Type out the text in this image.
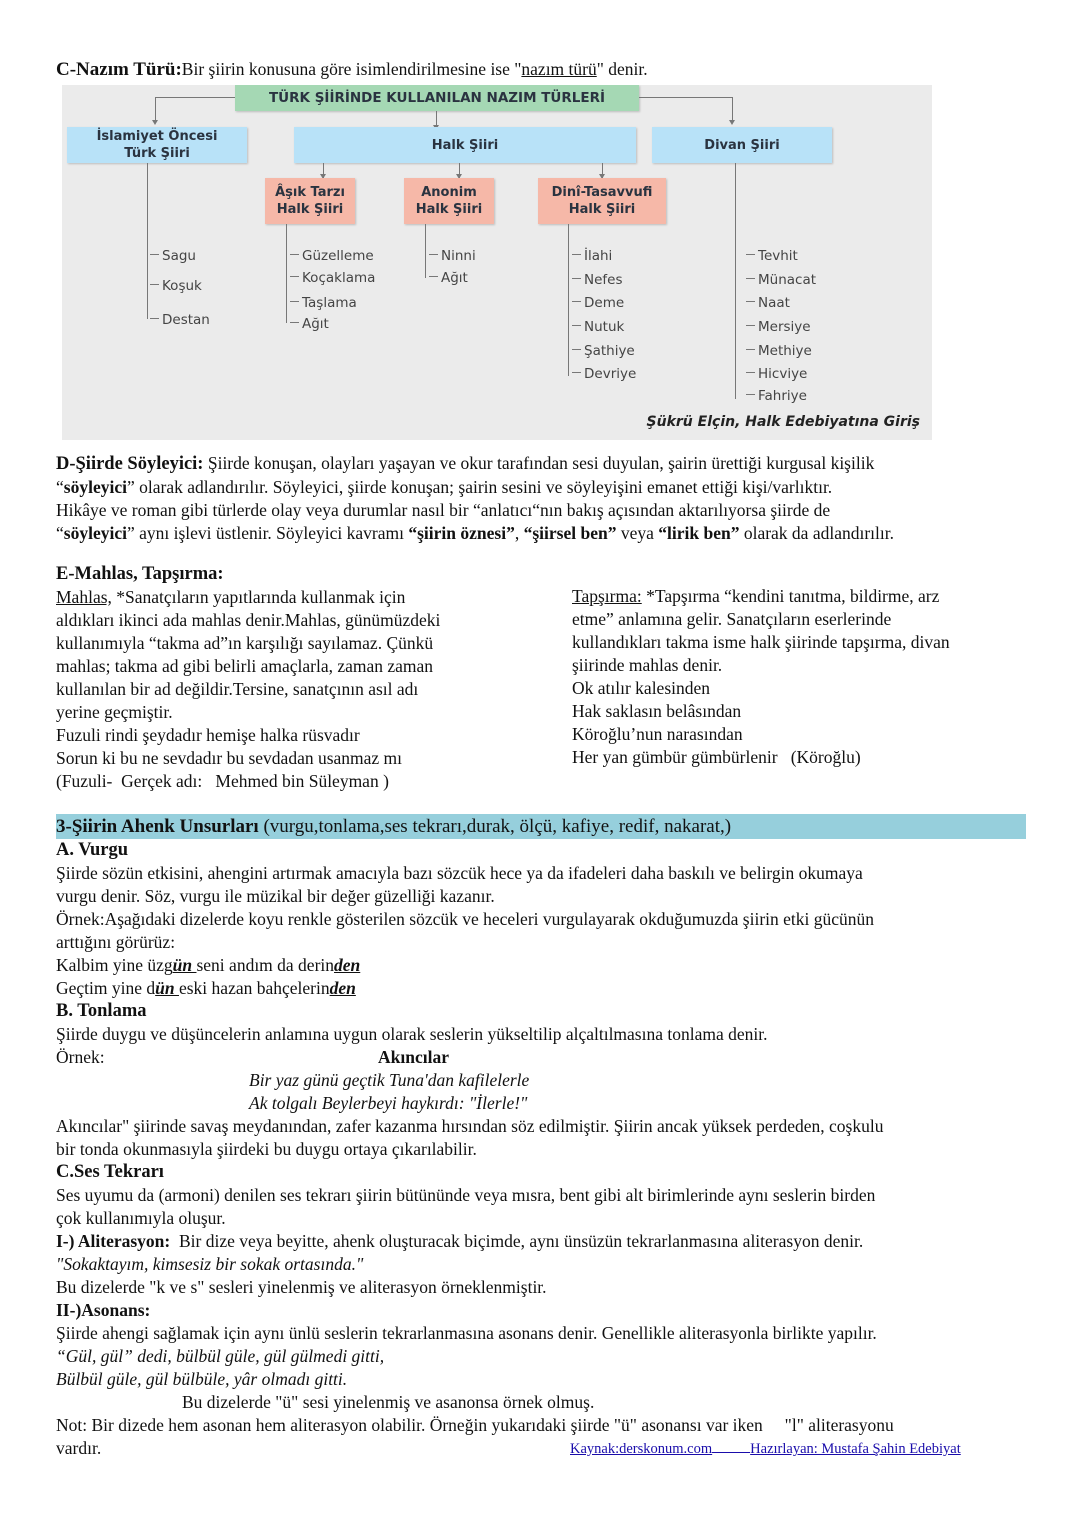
C-Nazım Türü:Bir şiirin konusuna göre isimlendirilmesine ise "nazım türü" denir.
TÜRK ŞİİRİNDE KULLANILAN NAZIM TÜRLERİ
İslamiyet Öncesi
Türk Şiiri
Halk Şiiri	Divan Şiiri
Âşık Tarzı
Halk Şiiri
Anonim
Halk Şiiri
Dinî-Tasavvufi
Halk Şiiri
Sagu
Koşuk
Destan
Güzelleme
Koçaklama
Taşlama
Ağıt
Ninni
Ağıt
İlahi
Nefes
Deme
Nutuk
Şathiye
Devriye
Tevhit
Münacat
Naat
Mersiye
Methiye
Hicviye
Fahriye
Şükrü Elçin, Halk Edebiyatına Giriş
D-Şiirde Söyleyici: Şiirde konuşan, olayları yaşayan ve okur tarafından sesi duyulan, şairin ürettiği kurgusal kişilik
“söyleyici” olarak adlandırılır. Söyleyici, şiirde konuşan; şairin sesini ve söyleyişini emanet ettiği kişi/varlıktır.
Hikâye ve roman gibi türlerde olay veya durumlar nasıl bir “anlatıcı“nın bakış açısından aktarılıyorsa şiirde de
“söyleyici” aynı işlevi üstlenir. Söyleyici kavramı “şiirin öznesi”, “şiirsel ben” veya “lirik ben” olarak da adlandırılır.
E-Mahlas, Tapşırma:
Mahlas, *Sanatçıların yapıtlarında kullanmak için
aldıkları ikinci ada mahlas denir.Mahlas, günümüzdeki
kullanımıyla “takma ad”ın karşılığı sayılamaz. Çünkü
mahlas; takma ad gibi belirli amaçlarla, zaman zaman
kullanılan bir ad değildir.Tersine, sanatçının asıl adı
yerine geçmiştir.
Fuzuli rindi şeydadır hemişe halka rüsvadır
Sorun ki bu ne sevdadır bu sevdadan usanmaz mı
(Fuzuli-  Gerçek adı:   Mehmed bin Süleyman )
Tapşırma: *Tapşırma “kendini tanıtma, bildirme, arz
etme” anlamına gelir. Sanatçıların eserlerinde
kullandıkları takma isme halk şiirinde tapşırma, divan
şiirinde mahlas denir.
Ok atılır kalesinden
Hak saklasın belâsından
Köroğlu’nun narasından
Her yan gümbür gümbürlenir   (Köroğlu)
3-Şiirin Ahenk Unsurları (vurgu,tonlama,ses tekrarı,durak, ölçü, kafiye, redif, nakarat,)
A. Vurgu
Şiirde sözün etkisini, ahengini artırmak amacıyla bazı sözcük hece ya da ifadeleri daha baskılı ve belirgin okumaya
vurgu denir. Söz, vurgu ile müzikal bir değer güzelliği kazanır.
Örnek:Aşağıdaki dizelerde koyu renkle gösterilen sözcük ve heceleri vurgulayarak okduğumuzda şiirin etki gücünün
arttığını görürüz:
Kalbim yine üzgün seni andım da derinden
Geçtim yine dün eski hazan bahçelerinden
B. Tonlama
Şiirde duygu ve düşüncelerin anlamına uygun olarak seslerin yükseltilip alçaltılmasına tonlama denir.
Örnek:	Akıncılar
Bir yaz günü geçtik Tuna'dan kafilelerle
Ak tolgalı Beylerbeyi haykırdı: "İlerle!"
Akıncılar" şiirinde savaş meydanından, zafer kazanma hırsından söz edilmiştir. Şiirin ancak yüksek perdeden, coşkulu
bir tonda okunmasıyla şiirdeki bu duygu ortaya çıkarılabilir.
C.Ses Tekrarı
Ses uyumu da (armoni) denilen ses tekrarı şiirin bütününde veya mısra, bent gibi alt birimlerinde aynı seslerin birden
çok kullanımıyla oluşur.
I-) Aliterasyon:  Bir dize veya beyitte, ahenk oluşturacak biçimde, aynı ünsüzün tekrarlanmasına aliterasyon denir.
"Sokaktayım, kimsesiz bir sokak ortasında."
Bu dizelerde "k ve s" sesleri yinelenmiş ve aliterasyon örneklenmiştir.
II-)Asonans:
Şiirde ahengi sağlamak için aynı ünlü seslerin tekrarlanmasına asonans denir. Genellikle aliterasyonla birlikte yapılır.
“Gül, gül” dedi, bülbül güle, gül gülmedi gitti,
Bülbül güle, gül bülbüle, yâr olmadı gitti.
Bu dizelerde "ü" sesi yinelenmiş ve asanonsa örnek olmuş.
Not: Bir dizede hem asonan hem aliterasyon olabilir. Örneğin yukarıdaki şiirde "ü" asonansı var iken     "l" aliterasyonu
vardır.	Kaynak:derskonum.com	Hazırlayan: Mustafa Şahin Edebiyat
